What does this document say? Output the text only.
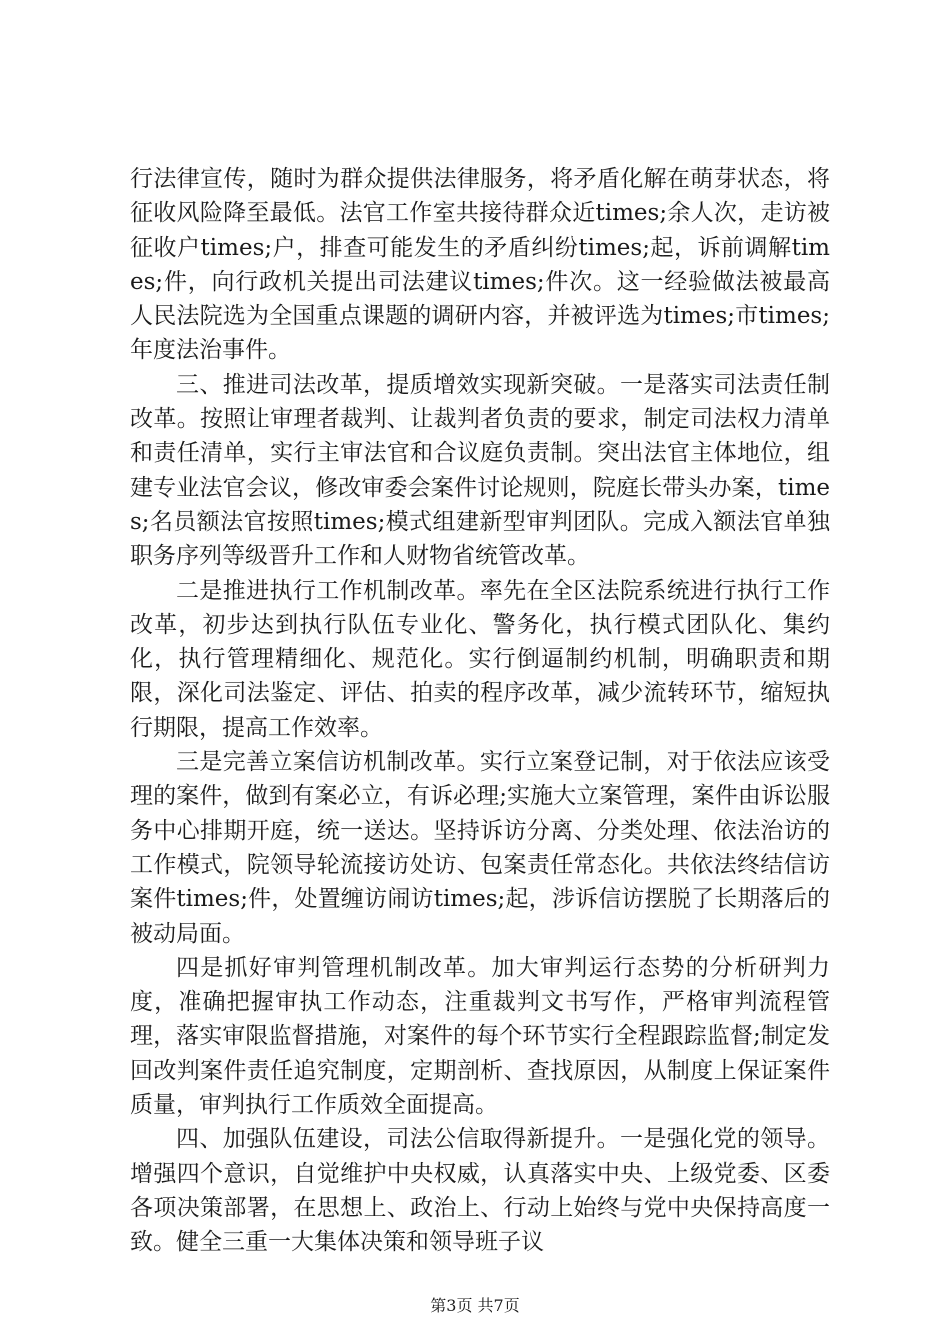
行法律宣传，随时为群众提供法律服务，将矛盾化解在萌芽状态，将征收风险降至最低。法官工作室共接待群众近times;余人次，走访被征收户times;户，排查可能发生的矛盾纠纷times;起，诉前调解times;件，向行政机关提出司法建议times;件次。这一经验做法被最高人民法院选为全国重点课题的调研内容，并被评选为times;市times;年度法治事件。

三、推进司法改革，提质增效实现新突破。一是落实司法责任制改革。按照让审理者裁判、让裁判者负责的要求，制定司法权力清单和责任清单，实行主审法官和合议庭负责制。突出法官主体地位，组建专业法官会议，修改审委会案件讨论规则，院庭长带头办案，times;名员额法官按照times;模式组建新型审判团队。完成入额法官单独职务序列等级晋升工作和人财物省统管改革。

二是推进执行工作机制改革。率先在全区法院系统进行执行工作改革，初步达到执行队伍专业化、警务化，执行模式团队化、集约化，执行管理精细化、规范化。实行倒逼制约机制，明确职责和期限，深化司法鉴定、评估、拍卖的程序改革，减少流转环节，缩短执行期限，提高工作效率。

三是完善立案信访机制改革。实行立案登记制，对于依法应该受理的案件，做到有案必立，有诉必理;实施大立案管理，案件由诉讼服务中心排期开庭，统一送达。坚持诉访分离、分类处理、依法治访的工作模式，院领导轮流接访处访、包案责任常态化。共依法终结信访案件times;件，处置缠访闹访times;起，涉诉信访摆脱了长期落后的被动局面。

四是抓好审判管理机制改革。加大审判运行态势的分析研判力度，准确把握审执工作动态，注重裁判文书写作，严格审判流程管理，落实审限监督措施，对案件的每个环节实行全程跟踪监督;制定发回改判案件责任追究制度，定期剖析、查找原因，从制度上保证案件质量，审判执行工作质效全面提高。

四、加强队伍建设，司法公信取得新提升。一是强化党的领导。增强四个意识，自觉维护中央权威，认真落实中央、上级党委、区委各项决策部署，在思想上、政治上、行动上始终与党中央保持高度一致。健全三重一大集体决策和领导班子议

第3页 共7页
